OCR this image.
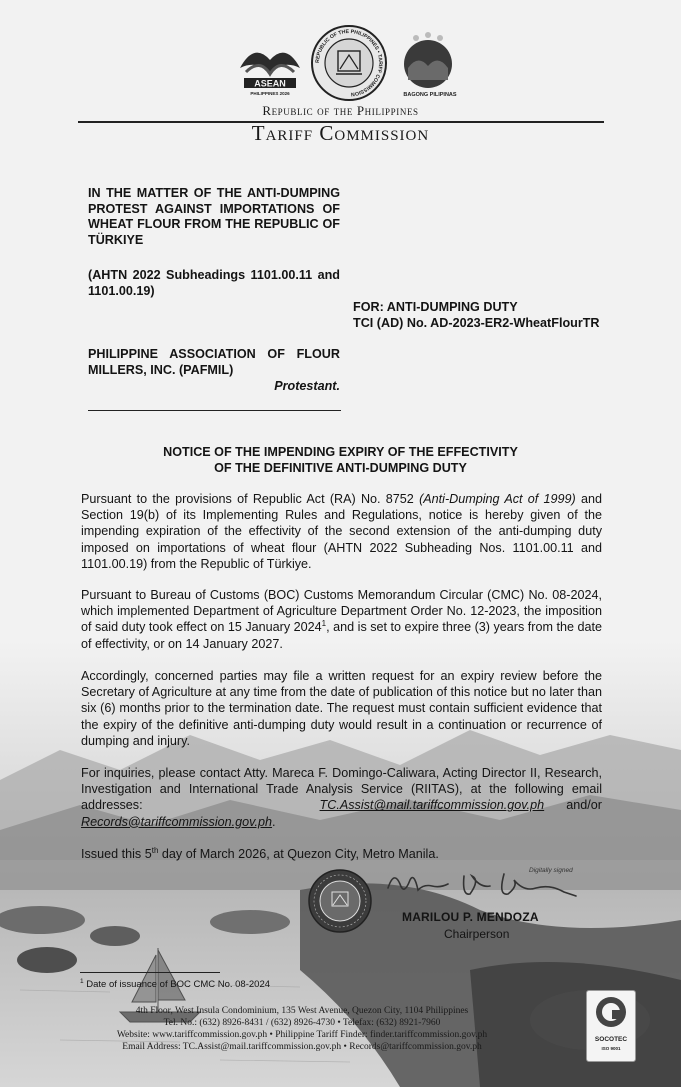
ASEAN
PHILIPPINES 2026
REPUBLIC OF THE PHILIPPINES • TARIFF COMMISSION	BAGONG PILIPINAS
Republic of the Philippines
Tariff Commission
IN THE MATTER OF THE ANTI-DUMPING PROTEST AGAINST IMPORTATIONS OF WHEAT FLOUR FROM THE REPUBLIC OF TÜRKIYE
(AHTN 2022 Subheadings 1101.00.11 and 1101.00.19)
FOR: ANTI-DUMPING DUTY
TCI (AD) No. AD-2023-ER2-WheatFlourTR
PHILIPPINE ASSOCIATION OF FLOUR MILLERS, INC. (PAFMIL)
Protestant.
NOTICE OF THE IMPENDING EXPIRY OF THE EFFECTIVITY
OF THE DEFINITIVE ANTI-DUMPING DUTY

Pursuant to the provisions of Republic Act (RA) No. 8752 (Anti-Dumping Act of 1999) and Section 19(b) of its Implementing Rules and Regulations, notice is hereby given of the impending expiration of the effectivity of the second extension of the anti-dumping duty imposed on importations of wheat flour (AHTN 2022 Subheading Nos. 1101.00.11 and 1101.00.19) from the Republic of Türkiye.

Pursuant to Bureau of Customs (BOC) Customs Memorandum Circular (CMC) No. 08-2024, which implemented Department of Agriculture Department Order No. 12-2023, the imposition of said duty took effect on 15 January 2024$^1$, and is set to expire three (3) years from the date of effectivity, or on 14 January 2027.

Accordingly, concerned parties may file a written request for an expiry review before the Secretary of Agriculture at any time from the date of publication of this notice but no later than six (6) months prior to the termination date. The request must contain sufficient evidence that the expiry of the definitive anti-dumping duty would result in a continuation or recurrence of dumping and injury.

For inquiries, please contact Atty. Mareca F. Domingo-Caliwara, Acting Director II, Research, Investigation and International Trade Analysis Service (RIITAS), at the following email addresses:	TC.Assist@mail.tariffcommission.gov.ph and/or Records@tariffcommission.gov.ph.

Issued this 5th day of March 2026, at Quezon City, Metro Manila.

Digitally signed
MARILOU P. MENDOZA
Chairperson
$^1$ Date of issuance of BOC CMC No. 08-2024
4th Floor, West Insula Condominium, 135 West Avenue, Quezon City, 1104 Philippines
Tel. No.: (632) 8926-8431 / (632) 8926-4730 • Telefax: (632) 8921-7960
Website: www.tariffcommission.gov.ph • Philippine Tariff Finder: finder.tariffcommission.gov.ph
Email Address: TC.Assist@mail.tariffcommission.gov.ph • Records@tariffcommission.gov.ph
SOCOTEC
ISO 9001
